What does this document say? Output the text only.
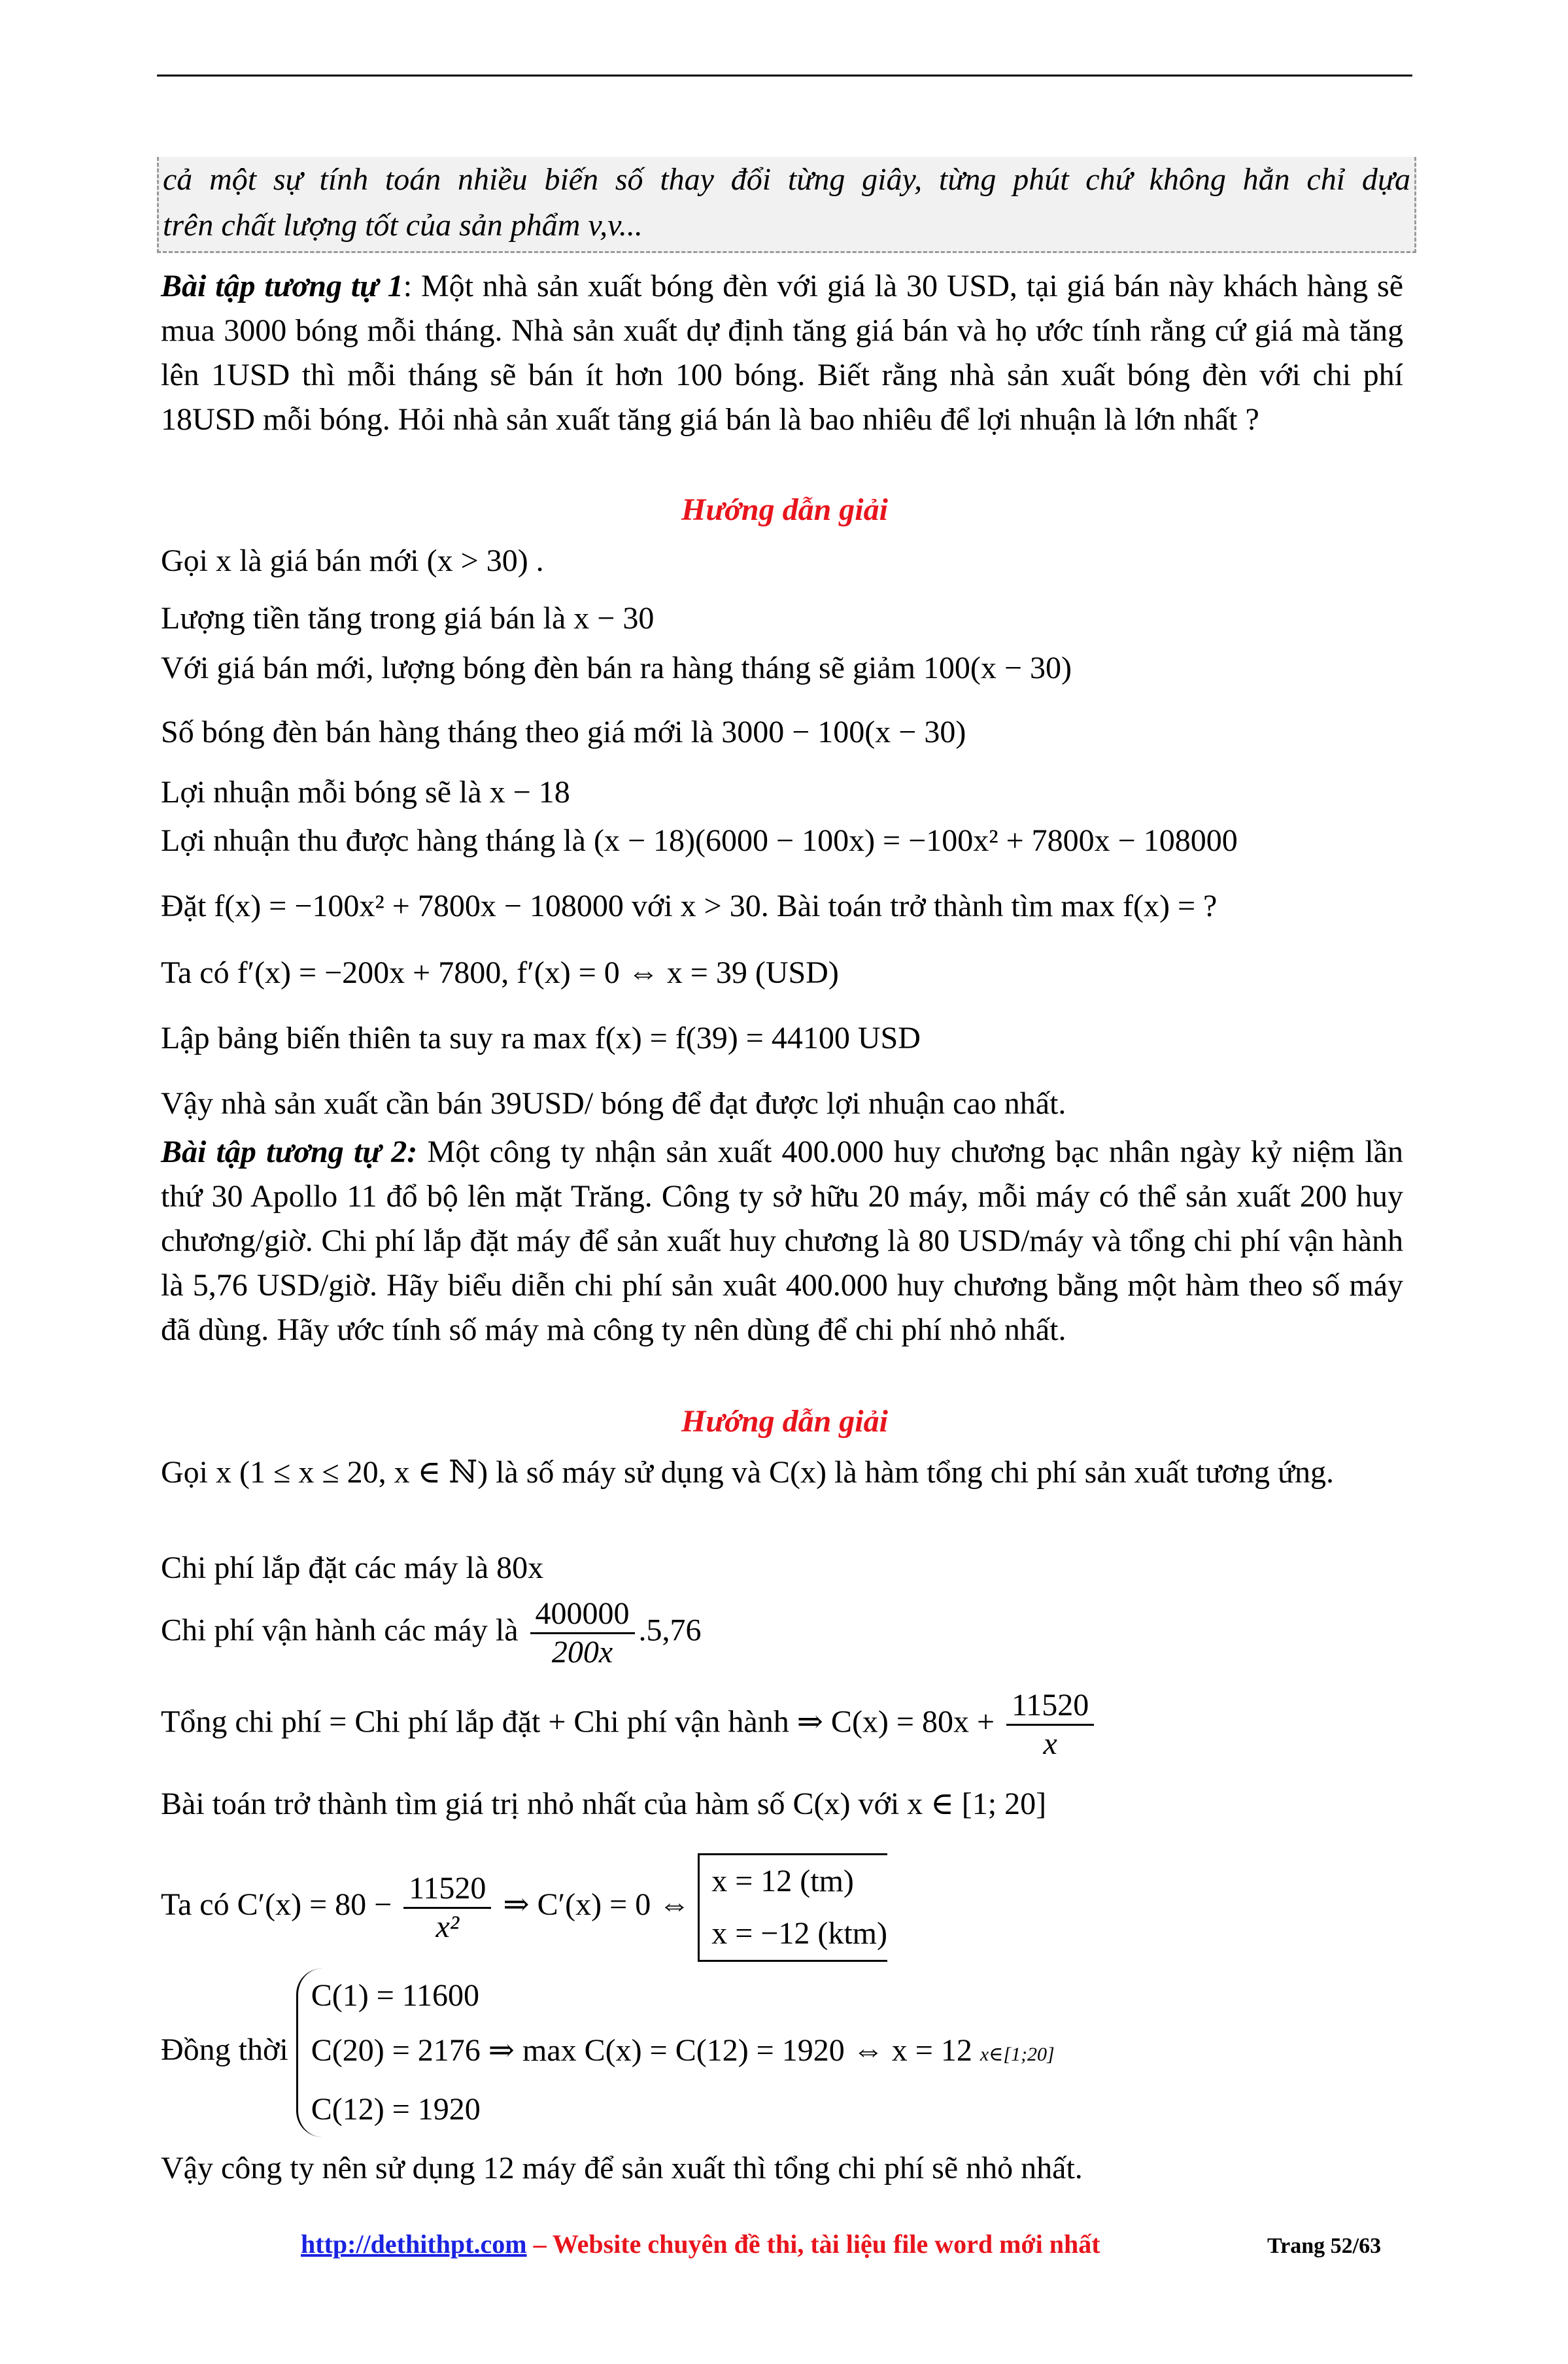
cả một sự tính toán nhiều biến số thay đổi từng giây, từng phút chứ không hẳn chỉ dựa
trên chất lượng tốt của sản phẩm v,v...
Bài tập tương tự 1: Một nhà sản xuất bóng đèn với giá là 30 USD, tại giá bán này khách hàng sẽ mua 3000 bóng mỗi tháng. Nhà sản xuất dự định tăng giá bán và họ ước tính rằng cứ giá mà tăng lên 1USD thì mỗi tháng sẽ bán ít hơn 100 bóng. Biết rằng nhà sản xuất bóng đèn với chi phí 18USD mỗi bóng. Hỏi nhà sản xuất tăng giá bán là bao nhiêu để lợi nhuận là lớn nhất ?
Hướng dẫn giải
Gọi x là giá bán mới (x > 30) .
Lượng tiền tăng trong giá bán là x − 30
Với giá bán mới, lượng bóng đèn bán ra hàng tháng sẽ giảm 100(x − 30)
Số bóng đèn bán hàng tháng theo giá mới là 3000 − 100(x − 30)
Lợi nhuận mỗi bóng sẽ là x − 18
Lợi nhuận thu được hàng tháng là (x − 18)(6000 − 100x) = −100x² + 7800x − 108000
Đặt f(x) = −100x² + 7800x − 108000 với x > 30. Bài toán trở thành tìm max f(x) = ?
Ta có f′(x) = −200x + 7800, f′(x) = 0 ⇔ x = 39 (USD)
Lập bảng biến thiên ta suy ra max f(x) = f(39) = 44100 USD
Vậy nhà sản xuất cần bán 39USD/ bóng để đạt được lợi nhuận cao nhất.
Bài tập tương tự 2: Một công ty nhận sản xuất 400.000 huy chương bạc nhân ngày kỷ niệm lần thứ 30 Apollo 11 đổ bộ lên mặt Trăng. Công ty sở hữu 20 máy, mỗi máy có thể sản xuất 200 huy chương/giờ. Chi phí lắp đặt máy để sản xuất huy chương là 80 USD/máy và tổng chi phí vận hành là 5,76 USD/giờ. Hãy biểu diễn chi phí sản xuât 400.000 huy chương bằng một hàm theo số máy đã dùng. Hãy ước tính số máy mà công ty nên dùng để chi phí nhỏ nhất.
Hướng dẫn giải
Gọi x (1 ≤ x ≤ 20, x ∈ ℕ) là số máy sử dụng và C(x) là hàm tổng chi phí sản xuất tương ứng.
Chi phí lắp đặt các máy là 80x
Chi phí vận hành các máy là $\frac{400000}{200x} .5,76$
Tổng chi phí = Chi phí lắp đặt + Chi phí vận hành ⇒ $C(x) = 80x + \frac{11520}{x}$
Bài toán trở thành tìm giá trị nhỏ nhất của hàm số C(x) với x ∈ [1; 20]
Ta có $C'(x) = 80 - \frac{11520}{\text{x²}}$ ⇒ C′(x) = 0 ⇔
x = 12 (tm)
x = −12 (ktm)
Đồng thời
C(1) = 11600
C(20) = 2176 ⇒ max C(x) = C(12) = 1920 ⇔ x = 12 x∈[1;20]
C(12) = 1920
Vậy công ty nên sử dụng 12 máy để sản xuất thì tổng chi phí sẽ nhỏ nhất.
http://dethithpt.com – Website chuyên đề thi, tài liệu file word mới nhất	Trang 52/63
